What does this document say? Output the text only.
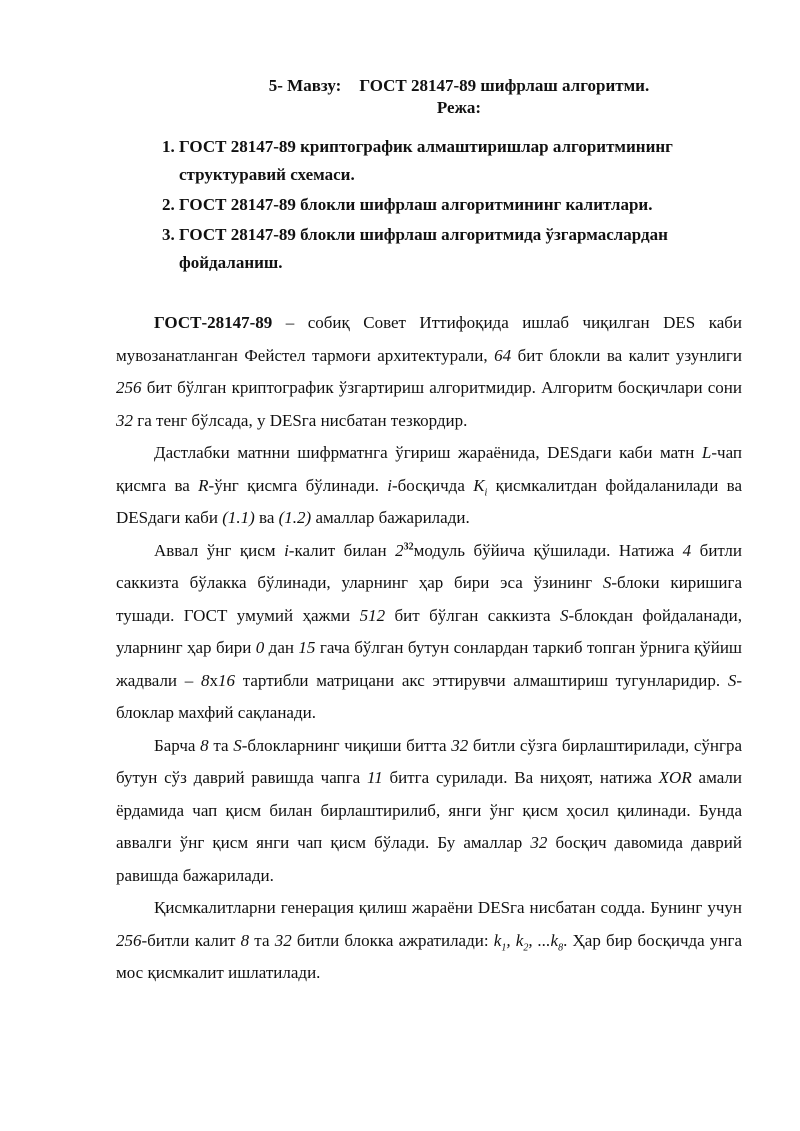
5- Мавзу: ГОСТ 28147-89 шифрлаш алгоритми.
Режа:
1. ГОСТ 28147-89 криптографик алмаштиришлар алгоритмининг структуравий схемаси.
2. ГОСТ 28147-89 блокли шифрлаш алгоритмининг калитлари.
3. ГОСТ 28147-89 блокли шифрлаш алгоритмида ўзгармаслардан фойдаланиш.

ГОСТ-28147-89 – собиқ Совет Иттифоқида ишлаб чиқилган DES каби мувозанатланган Фейстел тармоғи архитектурали, 64 бит блокли ва калит узунлиги 256 бит бўлган криптографик ўзгартириш алгоритмидир. Алгоритм босқичлари сони 32 га тенг бўлсада, у DESга нисбатан тезкордир.

Дастлабки матнни шифрматнга ўгириш жараёнида, DESдаги каби матн L-чап қисмга ва R-ўнг қисмга бўлинади. i-босқичда $K_i$ қисмкалитдан фойдаланилади ва DESдаги каби (1.1) ва (1.2) амаллар бажарилади.

Аввал ўнг қисм i-калит билан $2^{32}модуль$ бўйича қўшилади. Натижа 4 битли саккизта бўлакка бўлинади, уларнинг ҳар бири эса ўзининг S-блоки киришига тушади. ГОСТ умумий ҳажми 512 бит бўлган саккизта S-блокдан фойдаланади, уларнинг ҳар бири 0 дан 15 гача бўлган бутун сонлардан таркиб топган ўрнига қўйиш жадвали – 8x16 тартибли матрицани акс эттирувчи алмаштириш тугунларидир. S-блоклар махфий сақланади.

Барча 8 та S-блокларнинг чиқиши битта 32 битли сўзга бирлаштирилади, сўнгра бутун сўз даврий равишда чапга 11 битга сурилади. Ва ниҳоят, натижа XOR амали ёрдамида чап қисм билан бирлаштирилиб, янги ўнг қисм ҳосил қилинади. Бунда аввалги ўнг қисм янги чап қисм бўлади. Бу амаллар 32 босқич давомида даврий равишда бажарилади.

Қисмкалитларни генерация қилиш жараёни DESга нисбатан содда. Бунинг учун 256-битли калит 8 та 32 битли блокка ажратилади: $k_1$, $k_2$, $...k_8$. Ҳар бир босқичда унга мос қисмкалит ишлатилади.
